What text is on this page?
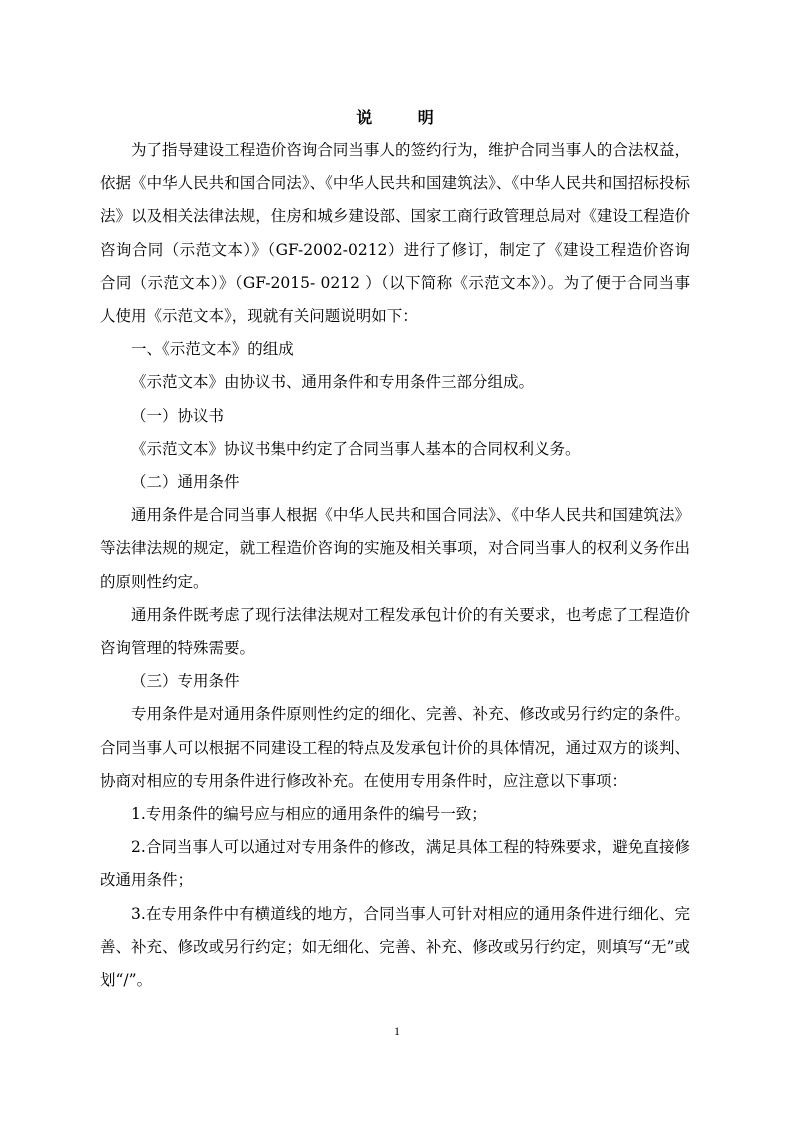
说 明

为了指导建设工程造价咨询合同当事人的签约行为，维护合同当事人的合法权益，依据《中华人民共和国合同法》、《中华人民共和国建筑法》、《中华人民共和国招标投标法》以及相关法律法规，住房和城乡建设部、国家工商行政管理总局对《建设工程造价咨询合同（示范文本）》（GF-2002-0212）进行了修订，制定了《建设工程造价咨询合同（示范文本）》（GF-2015- 0212 ）（以下简称《示范文本》）。为了便于合同当事人使用《示范文本》，现就有关问题说明如下：

一、《示范文本》的组成

《示范文本》由协议书、通用条件和专用条件三部分组成。

（一）协议书

《示范文本》协议书集中约定了合同当事人基本的合同权利义务。

（二）通用条件

通用条件是合同当事人根据《中华人民共和国合同法》、《中华人民共和国建筑法》等法律法规的规定，就工程造价咨询的实施及相关事项，对合同当事人的权利义务作出的原则性约定。

通用条件既考虑了现行法律法规对工程发承包计价的有关要求，也考虑了工程造价咨询管理的特殊需要。

（三）专用条件

专用条件是对通用条件原则性约定的细化、完善、补充、修改或另行约定的条件。合同当事人可以根据不同建设工程的特点及发承包计价的具体情况，通过双方的谈判、协商对相应的专用条件进行修改补充。在使用专用条件时，应注意以下事项：

1.专用条件的编号应与相应的通用条件的编号一致；

2.合同当事人可以通过对专用条件的修改，满足具体工程的特殊要求，避免直接修改通用条件；

3.在专用条件中有横道线的地方，合同当事人可针对相应的通用条件进行细化、完善、补充、修改或另行约定；如无细化、完善、补充、修改或另行约定，则填写“无”或划“/”。

1
